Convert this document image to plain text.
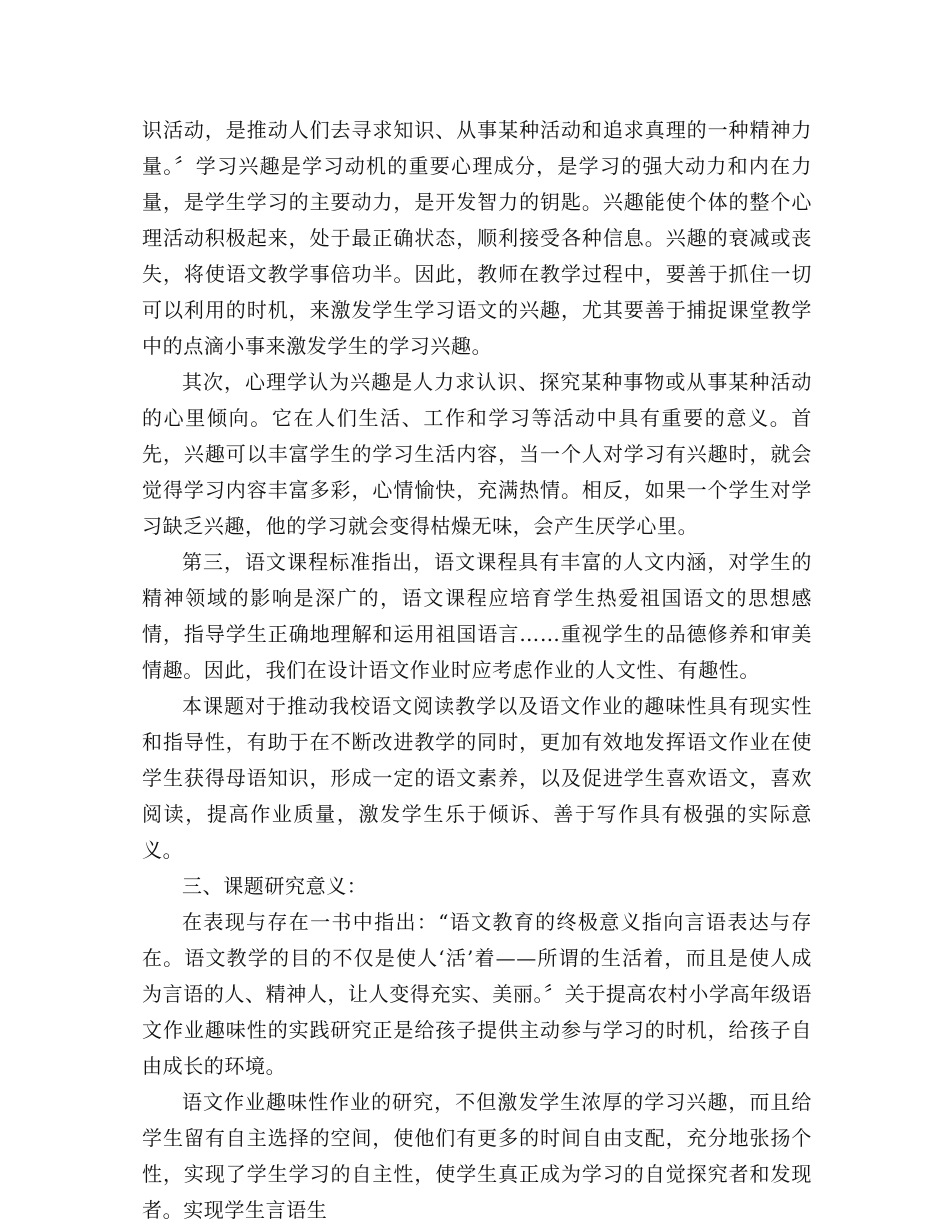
识活动，是推动人们去寻求知识、从事某种活动和追求真理的一种精神力量。〞学习兴趣是学习动机的重要心理成分，是学习的强大动力和内在力量，是学生学习的主要动力，是开发智力的钥匙。兴趣能使个体的整个心理活动积极起来，处于最正确状态，顺利接受各种信息。兴趣的衰减或丧失，将使语文教学事倍功半。因此，教师在教学过程中，要善于抓住一切可以利用的时机，来激发学生学习语文的兴趣，尤其要善于捕捉课堂教学中的点滴小事来激发学生的学习兴趣。

其次，心理学认为兴趣是人力求认识、探究某种事物或从事某种活动的心里倾向。它在人们生活、工作和学习等活动中具有重要的意义。首先，兴趣可以丰富学生的学习生活内容，当一个人对学习有兴趣时，就会觉得学习内容丰富多彩，心情愉快，充满热情。相反，如果一个学生对学习缺乏兴趣，他的学习就会变得枯燥无味，会产生厌学心里。

第三，语文课程标准指出，语文课程具有丰富的人文内涵，对学生的精神领域的影响是深广的，语文课程应培育学生热爱祖国语文的思想感情，指导学生正确地理解和运用祖国语言……重视学生的品德修养和审美情趣。因此，我们在设计语文作业时应考虑作业的人文性、有趣性。

本课题对于推动我校语文阅读教学以及语文作业的趣味性具有现实性和指导性，有助于在不断改进教学的同时，更加有效地发挥语文作业在使学生获得母语知识，形成一定的语文素养，以及促进学生喜欢语文，喜欢阅读，提高作业质量，激发学生乐于倾诉、善于写作具有极强的实际意义。

三、课题研究意义：

在表现与存在一书中指出：“语文教育的终极意义指向言语表达与存在。语文教学的目的不仅是使人‘活’着——所谓的生活着，而且是使人成为言语的人、精神人，让人变得充实、美丽。〞关于提高农村小学高年级语文作业趣味性的实践研究正是给孩子提供主动参与学习的时机，给孩子自由成长的环境。

语文作业趣味性作业的研究，不但激发学生浓厚的学习兴趣，而且给学生留有自主选择的空间，使他们有更多的时间自由支配，充分地张扬个性，实现了学生学习的自主性，使学生真正成为学习的自觉探究者和发现者。实现学生言语生
